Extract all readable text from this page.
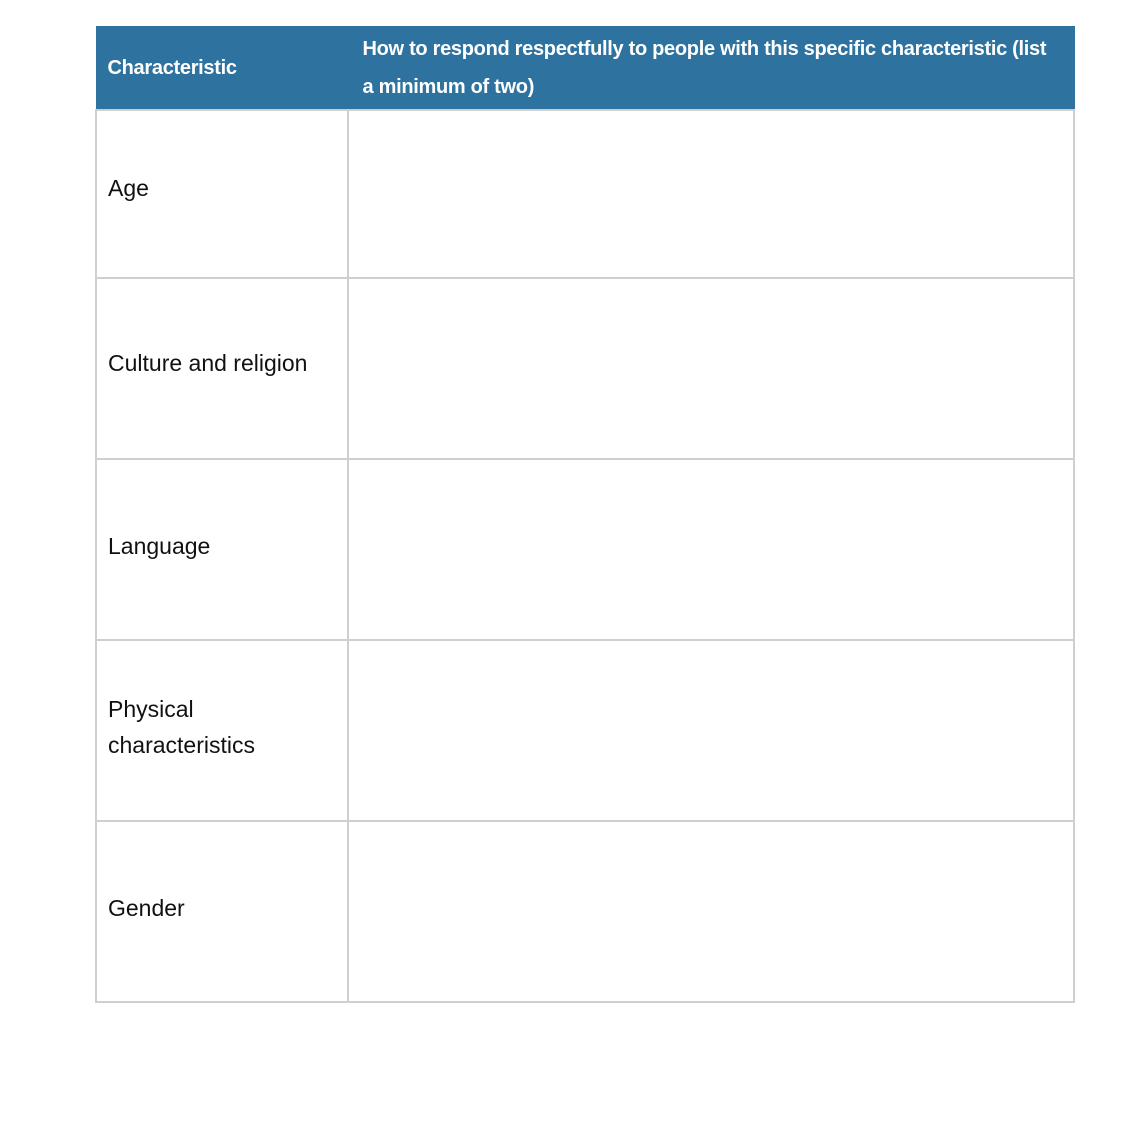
Characteristic	How to respond respectfully to people with this specific characteristic (list a minimum of two)

Age	

Culture and religion	

Language	

Physical characteristics	

Gender	
